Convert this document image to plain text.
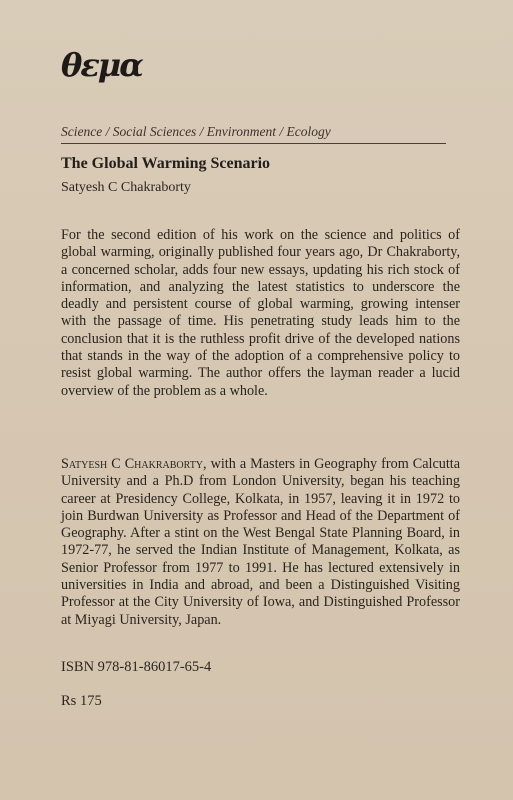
θεμα
Science / Social Sciences / Environment / Ecology
The Global Warming Scenario
Satyesh C Chakraborty
For the second edition of his work on the science and politics of global warming, originally published four years ago, Dr Chakraborty, a concerned scholar, adds four new essays, updating his rich stock of information, and analyzing the latest statistics to underscore the deadly and persistent course of global warming, growing intenser with the passage of time. His penetrating study leads him to the conclusion that it is the ruthless profit drive of the developed nations that stands in the way of the adoption of a comprehensive policy to resist global warming. The author offers the layman reader a lucid overview of the problem as a whole.
Satyesh C Chakraborty, with a Masters in Geography from Calcutta University and a Ph.D from London University, began his teaching career at Presidency College, Kolkata, in 1957, leaving it in 1972 to join Burdwan University as Professor and Head of the Department of Geography. After a stint on the West Bengal State Planning Board, in 1972-77, he served the Indian Institute of Management, Kolkata, as Senior Professor from 1977 to 1991. He has lectured extensively in universities in India and abroad, and been a Distinguished Visiting Professor at the City University of Iowa, and Distinguished Professor at Miyagi University, Japan.
ISBN 978-81-86017-65-4
Rs 175
